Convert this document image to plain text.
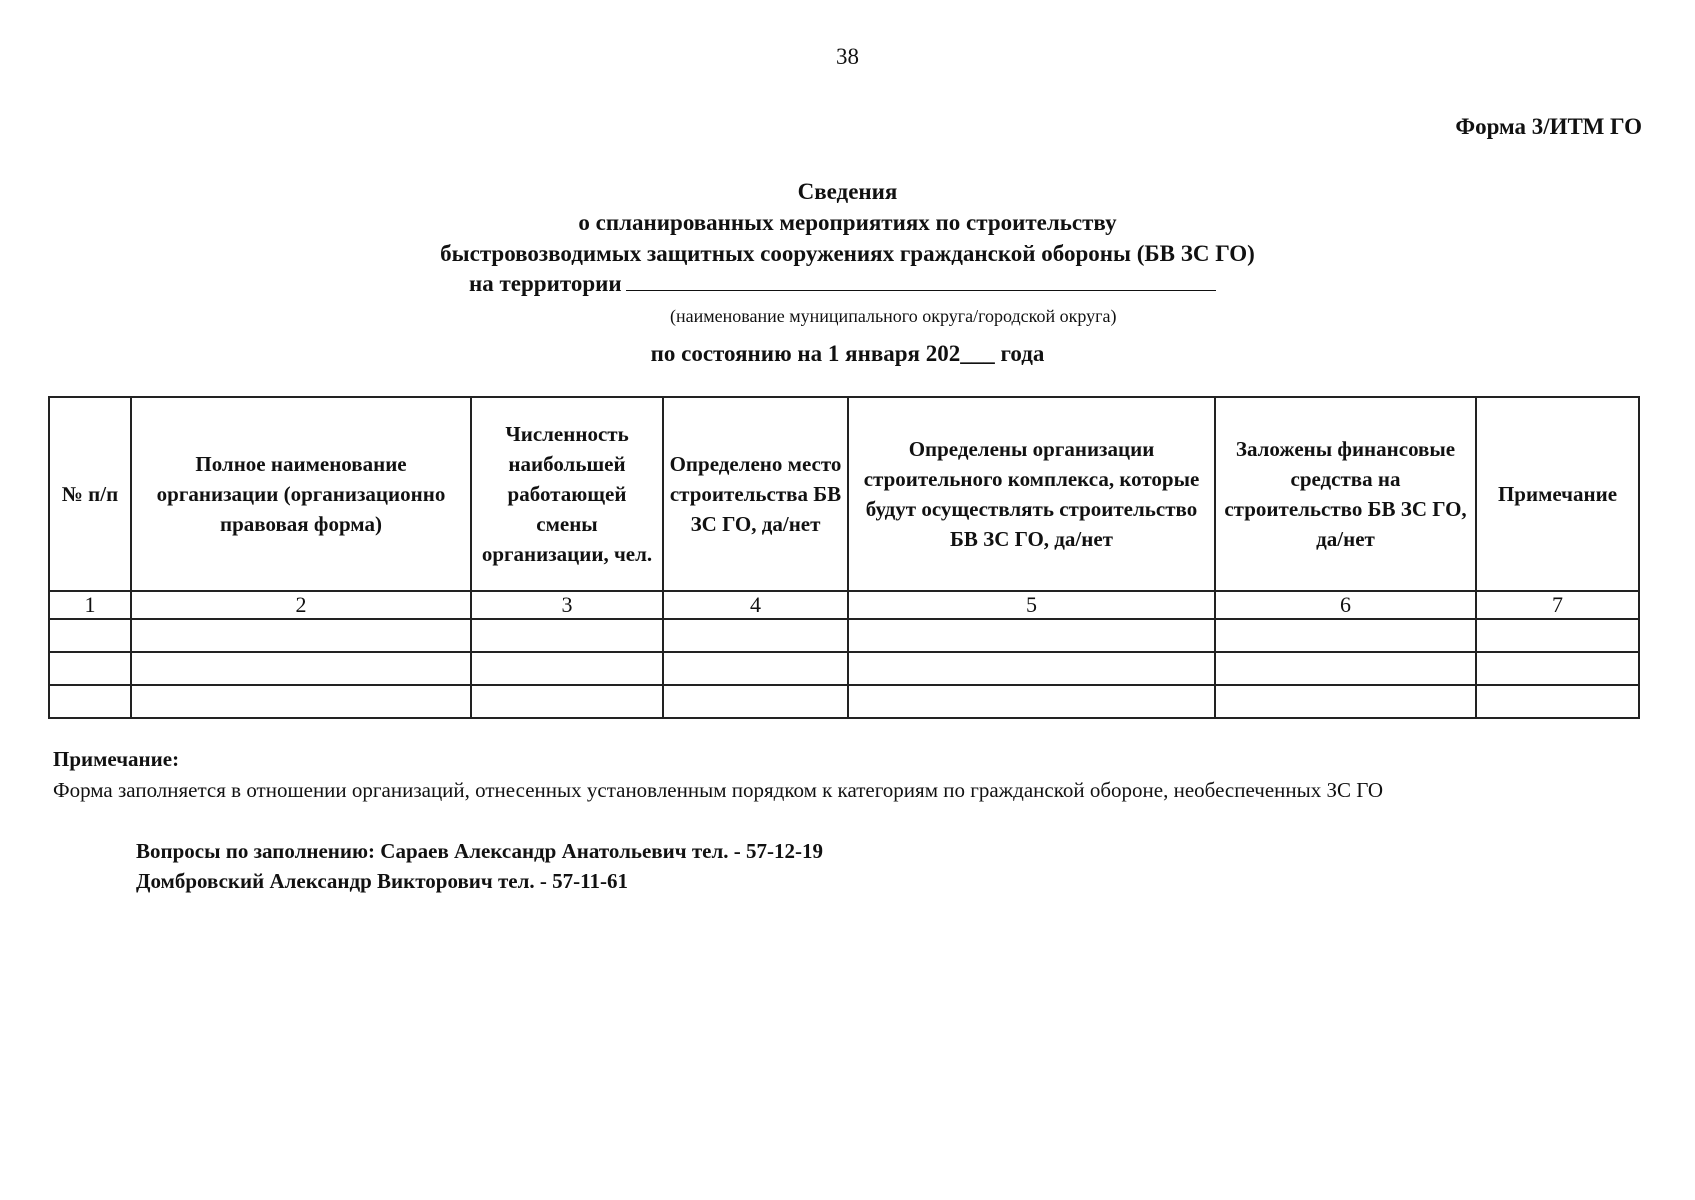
38
Форма 3/ИТМ ГО
Сведения
о спланированных мероприятиях по строительству
быстровозводимых защитных сооружениях гражданской обороны (БВ ЗС ГО)
на территории
(наименование муниципального округа/городской округа)
по состоянию на 1 января 202___ года
№ п/п	Полное наименование организации (организационно правовая форма)	Численность наибольшей работающей смены организации, чел.	Определено место строительства БВ ЗС ГО, да/нет	Определены организации строительного комплекса, которые будут осуществлять строительство БВ ЗС ГО, да/нет	Заложены финансовые средства на строительство БВ ЗС ГО, да/нет	Примечание
1	2	3	4	5	6	7

Примечание:
Форма заполняется в отношении организаций, отнесенных установленным порядком к категориям по гражданской обороне, необеспеченных ЗС ГО
Вопросы по заполнению: Сараев Александр Анатольевич тел. - 57-12-19
Домбровский Александр Викторович тел. - 57-11-61
